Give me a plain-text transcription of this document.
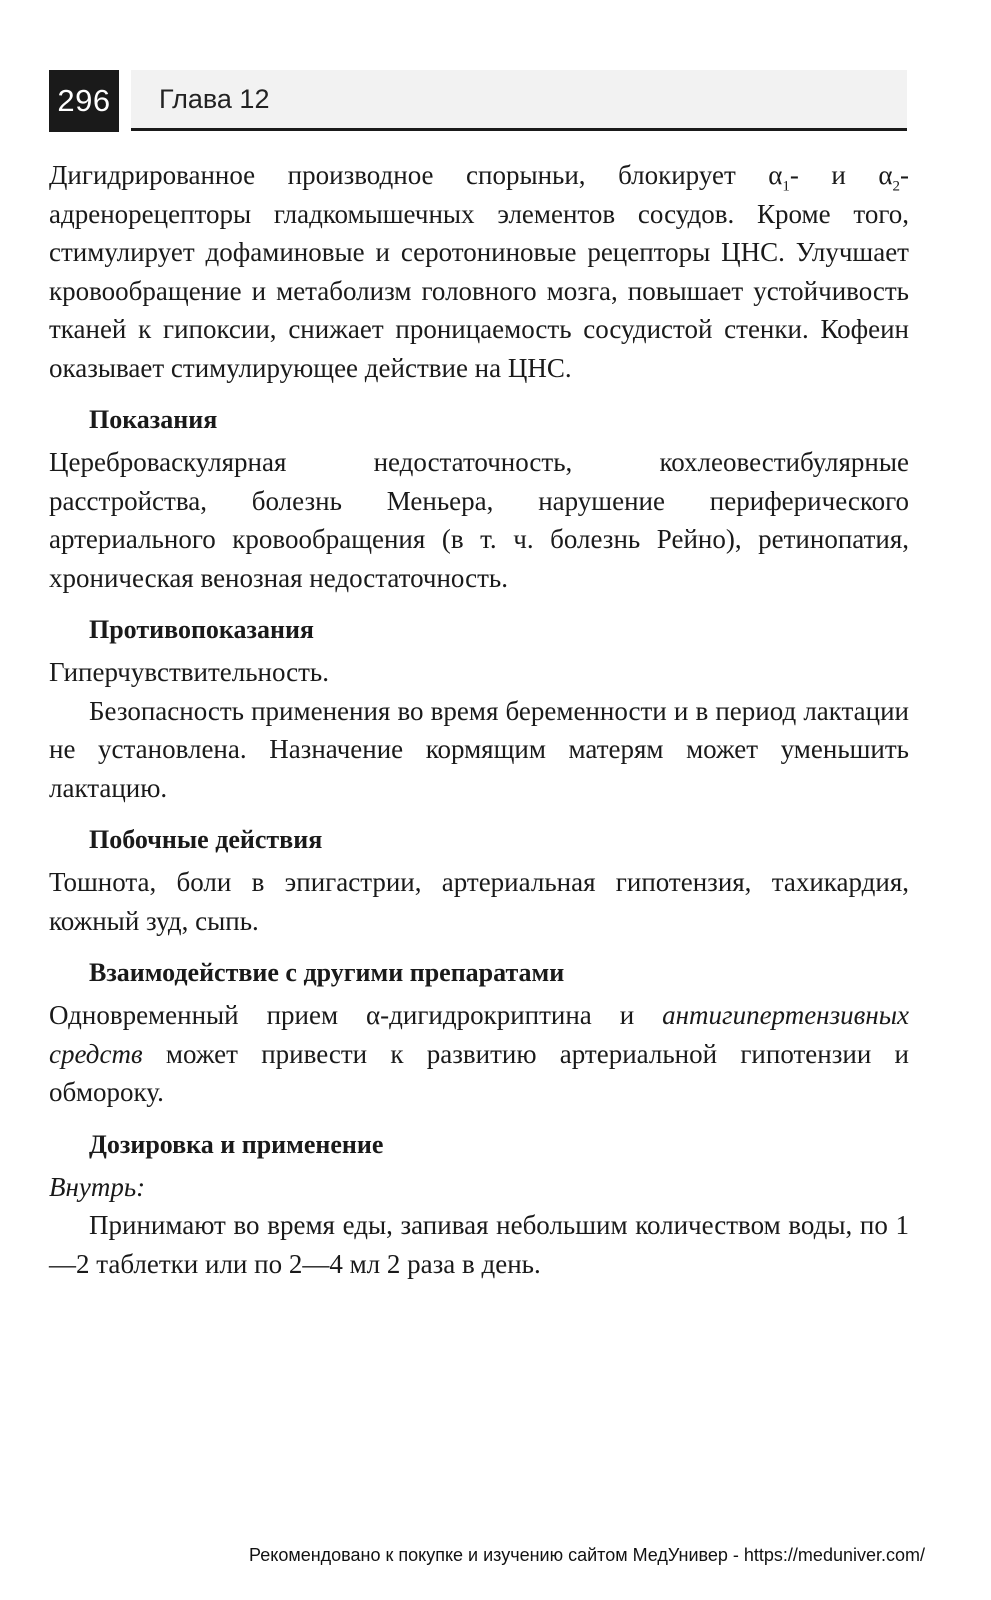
296	Глава 12

Дигидрированное производное спорыньи, блокирует $\alpha_1-$ и $\alpha_2$-адренорецепторы гладкомышечных элементов сосудов. Кроме того, стимулирует дофаминовые и серотониновые рецепторы ЦНС. Улучшает кровообращение и метаболизм головного мозга, повышает устойчивость тканей к гипоксии, снижает проницаемость сосудистой стенки. Кофеин оказывает стимулирующее действие на ЦНС.

Показания

Цереброваскулярная недостаточность, кохлеовестибулярные расстройства, болезнь Меньера, нарушение периферического артериального кровообращения (в т. ч. болезнь Рейно), ретинопатия, хроническая венозная недостаточность.

Противопоказания

Гиперчувствительность.

Безопасность применения во время беременности и в период лактации не установлена. Назначение кормящим матерям может уменьшить лактацию.

Побочные действия

Тошнота, боли в эпигастрии, артериальная гипотензия, тахикардия, кожный зуд, сыпь.

Взаимодействие с другими препаратами

Одновременный прием α-дигидрокриптина и антигипертензивных средств может привести к развитию артериальной гипотензии и обмороку.

Дозировка и применение

Внутрь:

Принимают во время еды, запивая небольшим количеством воды, по 1—2 таблетки или по 2—4 мл 2 раза в день.

Рекомендовано к покупке и изучению сайтом МедУнивер - https://meduniver.com/
